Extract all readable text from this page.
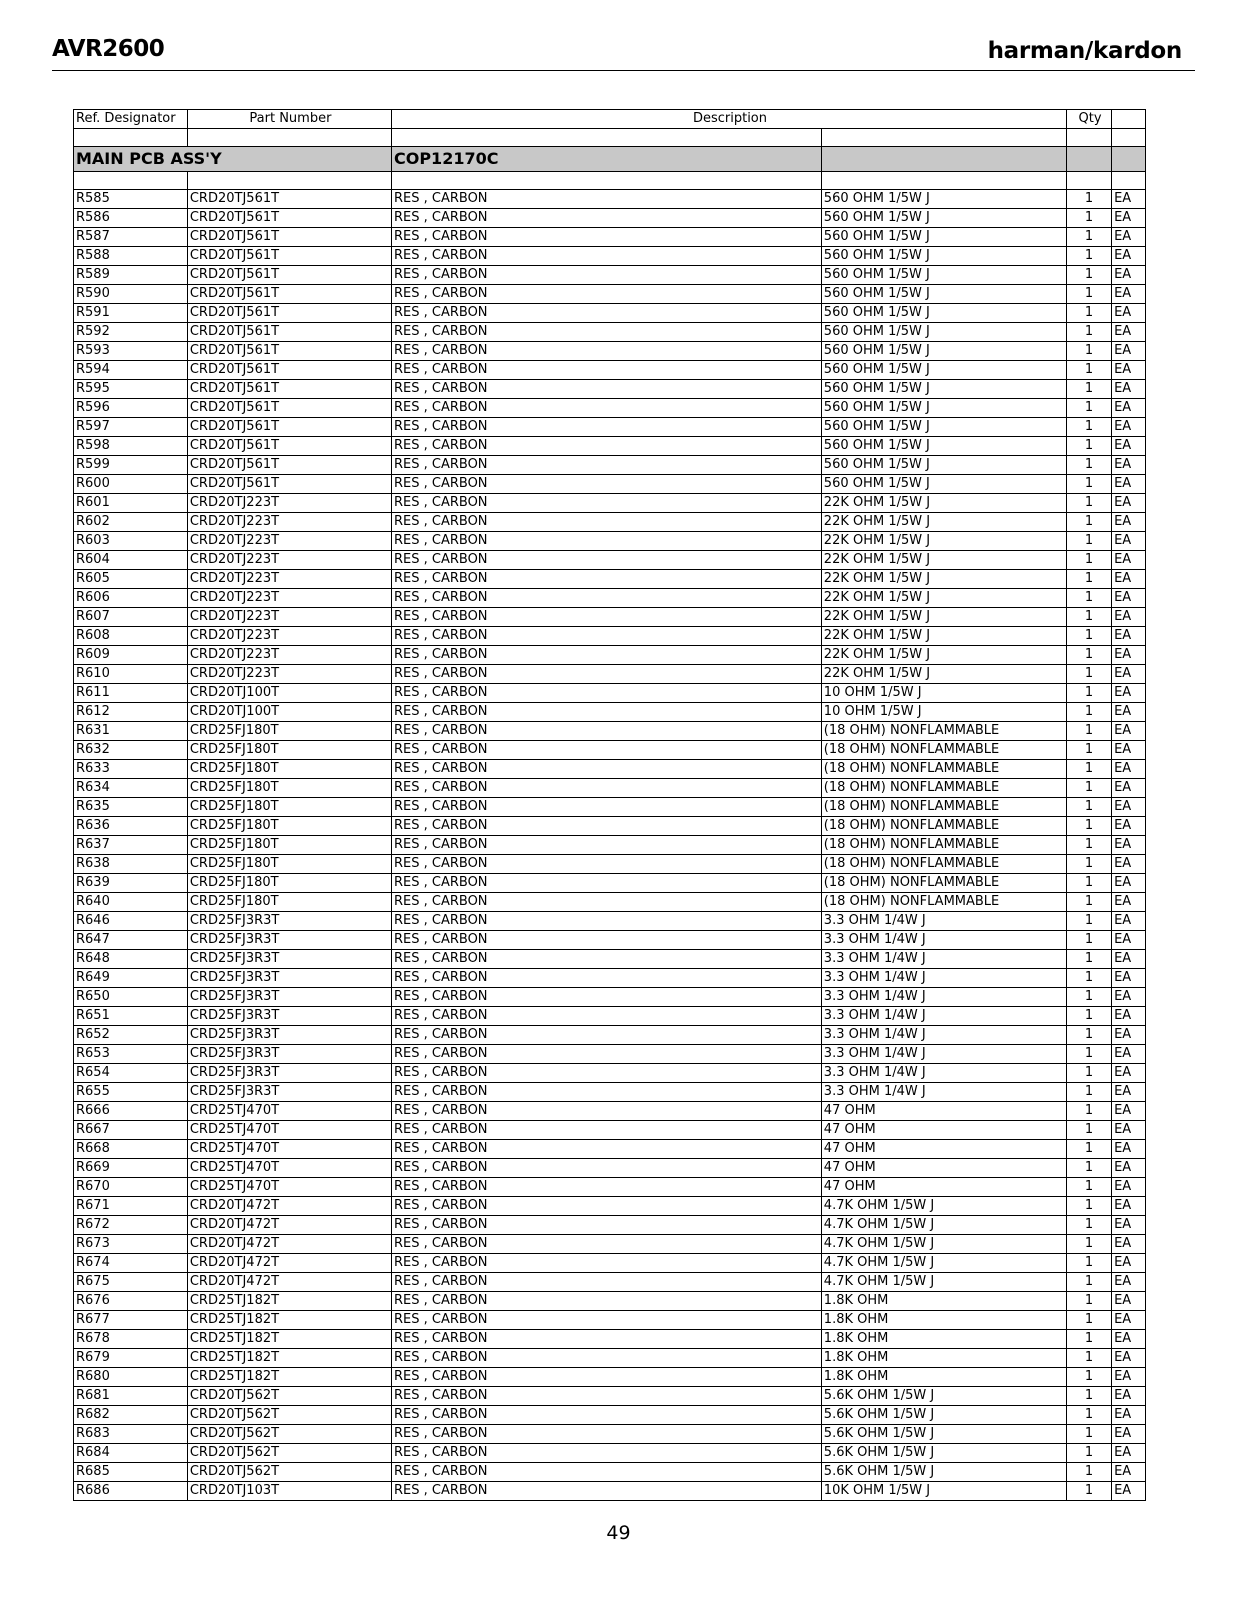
AVR2600	harman/kardon
Ref. Designator	Part Number	Description		Qty	

MAIN PCB ASS'Y		COP12170C			

R585	CRD20TJ561T	RES , CARBON	560 OHM 1/5W J	1	EA
R586	CRD20TJ561T	RES , CARBON	560 OHM 1/5W J	1	EA
R587	CRD20TJ561T	RES , CARBON	560 OHM 1/5W J	1	EA
R588	CRD20TJ561T	RES , CARBON	560 OHM 1/5W J	1	EA
R589	CRD20TJ561T	RES , CARBON	560 OHM 1/5W J	1	EA
R590	CRD20TJ561T	RES , CARBON	560 OHM 1/5W J	1	EA
R591	CRD20TJ561T	RES , CARBON	560 OHM 1/5W J	1	EA
R592	CRD20TJ561T	RES , CARBON	560 OHM 1/5W J	1	EA
R593	CRD20TJ561T	RES , CARBON	560 OHM 1/5W J	1	EA
R594	CRD20TJ561T	RES , CARBON	560 OHM 1/5W J	1	EA
R595	CRD20TJ561T	RES , CARBON	560 OHM 1/5W J	1	EA
R596	CRD20TJ561T	RES , CARBON	560 OHM 1/5W J	1	EA
R597	CRD20TJ561T	RES , CARBON	560 OHM 1/5W J	1	EA
R598	CRD20TJ561T	RES , CARBON	560 OHM 1/5W J	1	EA
R599	CRD20TJ561T	RES , CARBON	560 OHM 1/5W J	1	EA
R600	CRD20TJ561T	RES , CARBON	560 OHM 1/5W J	1	EA
R601	CRD20TJ223T	RES , CARBON	22K OHM 1/5W J	1	EA
R602	CRD20TJ223T	RES , CARBON	22K OHM 1/5W J	1	EA
R603	CRD20TJ223T	RES , CARBON	22K OHM 1/5W J	1	EA
R604	CRD20TJ223T	RES , CARBON	22K OHM 1/5W J	1	EA
R605	CRD20TJ223T	RES , CARBON	22K OHM 1/5W J	1	EA
R606	CRD20TJ223T	RES , CARBON	22K OHM 1/5W J	1	EA
R607	CRD20TJ223T	RES , CARBON	22K OHM 1/5W J	1	EA
R608	CRD20TJ223T	RES , CARBON	22K OHM 1/5W J	1	EA
R609	CRD20TJ223T	RES , CARBON	22K OHM 1/5W J	1	EA
R610	CRD20TJ223T	RES , CARBON	22K OHM 1/5W J	1	EA
R611	CRD20TJ100T	RES , CARBON	10 OHM 1/5W J	1	EA
R612	CRD20TJ100T	RES , CARBON	10 OHM 1/5W J	1	EA
R631	CRD25FJ180T	RES , CARBON	(18 OHM) NONFLAMMABLE	1	EA
R632	CRD25FJ180T	RES , CARBON	(18 OHM) NONFLAMMABLE	1	EA
R633	CRD25FJ180T	RES , CARBON	(18 OHM) NONFLAMMABLE	1	EA
R634	CRD25FJ180T	RES , CARBON	(18 OHM) NONFLAMMABLE	1	EA
R635	CRD25FJ180T	RES , CARBON	(18 OHM) NONFLAMMABLE	1	EA
R636	CRD25FJ180T	RES , CARBON	(18 OHM) NONFLAMMABLE	1	EA
R637	CRD25FJ180T	RES , CARBON	(18 OHM) NONFLAMMABLE	1	EA
R638	CRD25FJ180T	RES , CARBON	(18 OHM) NONFLAMMABLE	1	EA
R639	CRD25FJ180T	RES , CARBON	(18 OHM) NONFLAMMABLE	1	EA
R640	CRD25FJ180T	RES , CARBON	(18 OHM) NONFLAMMABLE	1	EA
R646	CRD25FJ3R3T	RES , CARBON	3.3 OHM 1/4W J	1	EA
R647	CRD25FJ3R3T	RES , CARBON	3.3 OHM 1/4W J	1	EA
R648	CRD25FJ3R3T	RES , CARBON	3.3 OHM 1/4W J	1	EA
R649	CRD25FJ3R3T	RES , CARBON	3.3 OHM 1/4W J	1	EA
R650	CRD25FJ3R3T	RES , CARBON	3.3 OHM 1/4W J	1	EA
R651	CRD25FJ3R3T	RES , CARBON	3.3 OHM 1/4W J	1	EA
R652	CRD25FJ3R3T	RES , CARBON	3.3 OHM 1/4W J	1	EA
R653	CRD25FJ3R3T	RES , CARBON	3.3 OHM 1/4W J	1	EA
R654	CRD25FJ3R3T	RES , CARBON	3.3 OHM 1/4W J	1	EA
R655	CRD25FJ3R3T	RES , CARBON	3.3 OHM 1/4W J	1	EA
R666	CRD25TJ470T	RES , CARBON	47 OHM	1	EA
R667	CRD25TJ470T	RES , CARBON	47 OHM	1	EA
R668	CRD25TJ470T	RES , CARBON	47 OHM	1	EA
R669	CRD25TJ470T	RES , CARBON	47 OHM	1	EA
R670	CRD25TJ470T	RES , CARBON	47 OHM	1	EA
R671	CRD20TJ472T	RES , CARBON	4.7K OHM 1/5W J	1	EA
R672	CRD20TJ472T	RES , CARBON	4.7K OHM 1/5W J	1	EA
R673	CRD20TJ472T	RES , CARBON	4.7K OHM 1/5W J	1	EA
R674	CRD20TJ472T	RES , CARBON	4.7K OHM 1/5W J	1	EA
R675	CRD20TJ472T	RES , CARBON	4.7K OHM 1/5W J	1	EA
R676	CRD25TJ182T	RES , CARBON	1.8K OHM	1	EA
R677	CRD25TJ182T	RES , CARBON	1.8K OHM	1	EA
R678	CRD25TJ182T	RES , CARBON	1.8K OHM	1	EA
R679	CRD25TJ182T	RES , CARBON	1.8K OHM	1	EA
R680	CRD25TJ182T	RES , CARBON	1.8K OHM	1	EA
R681	CRD20TJ562T	RES , CARBON	5.6K OHM 1/5W J	1	EA
R682	CRD20TJ562T	RES , CARBON	5.6K OHM 1/5W J	1	EA
R683	CRD20TJ562T	RES , CARBON	5.6K OHM 1/5W J	1	EA
R684	CRD20TJ562T	RES , CARBON	5.6K OHM 1/5W J	1	EA
R685	CRD20TJ562T	RES , CARBON	5.6K OHM 1/5W J	1	EA
R686	CRD20TJ103T	RES , CARBON	10K OHM 1/5W J	1	EA
49
